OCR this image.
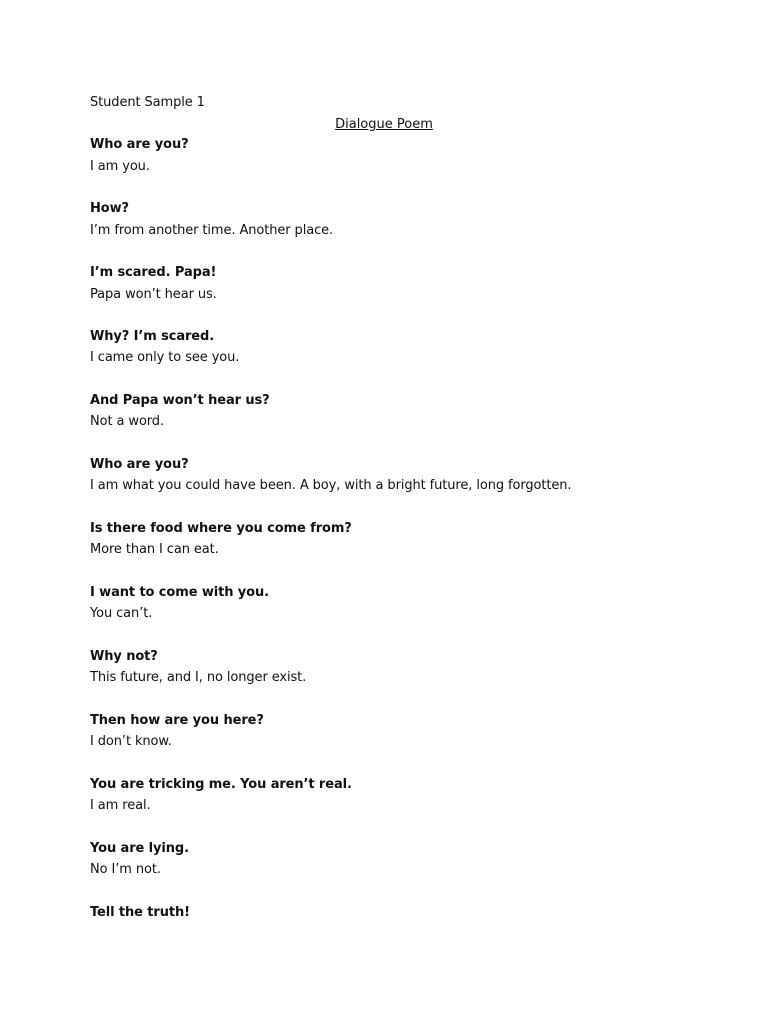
Student Sample 1
Dialogue Poem
Who are you?
I am you.
How?
I’m from another time. Another place.
I’m scared. Papa!
Papa won’t hear us.
Why? I’m scared.
I came only to see you.
And Papa won’t hear us?
Not a word.
Who are you?
I am what you could have been. A boy, with a bright future, long forgotten.
Is there food where you come from?
More than I can eat.
I want to come with you.
You can’t.
Why not?
This future, and I, no longer exist.
Then how are you here?
I don’t know.
You are tricking me. You aren’t real.
I am real.
You are lying.
No I’m not.
Tell the truth!
